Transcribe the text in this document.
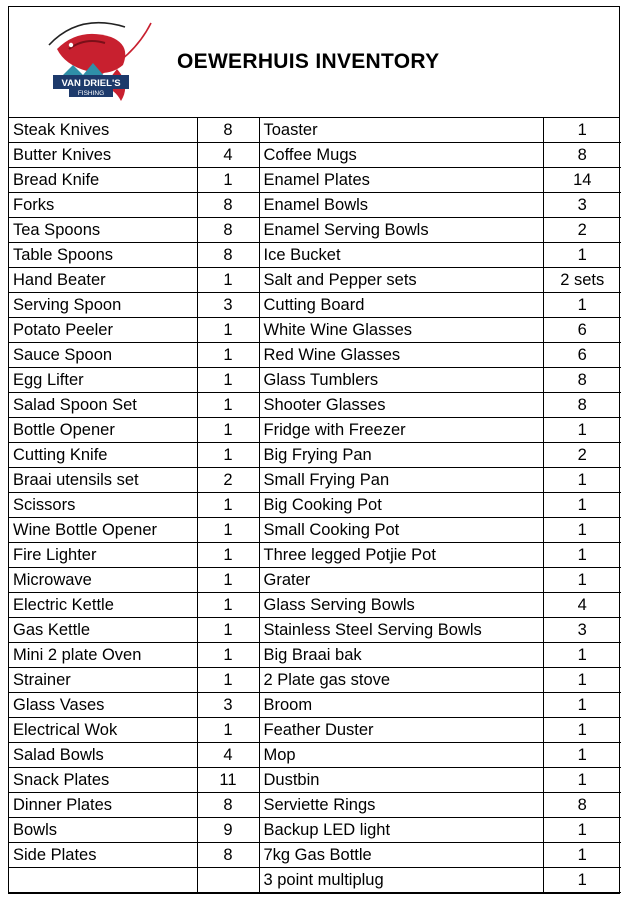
VAN DRIEL'S
FISHING
OEWERHUIS INVENTORY
Steak Knives	8	Toaster	1
Butter Knives	4	Coffee Mugs	8
Bread Knife	1	Enamel Plates	14
Forks	8	Enamel Bowls	3
Tea Spoons	8	Enamel Serving Bowls	2
Table Spoons	8	Ice Bucket	1
Hand Beater	1	Salt and Pepper sets	2 sets
Serving Spoon	3	Cutting Board	1
Potato Peeler	1	White Wine Glasses	6
Sauce Spoon	1	Red Wine Glasses	6
Egg Lifter	1	Glass Tumblers	8
Salad Spoon Set	1	Shooter Glasses	8
Bottle Opener	1	Fridge with Freezer	1
Cutting Knife	1	Big Frying Pan	2
Braai utensils set	2	Small Frying Pan	1
Scissors	1	Big Cooking Pot	1
Wine Bottle Opener	1	Small Cooking Pot	1
Fire Lighter	1	Three legged Potjie Pot	1
Microwave	1	Grater	1
Electric Kettle	1	Glass Serving Bowls	4
Gas Kettle	1	Stainless Steel Serving Bowls	3
Mini 2 plate Oven	1	Big Braai bak	1
Strainer	1	2 Plate gas stove	1
Glass Vases	3	Broom	1
Electrical Wok	1	Feather Duster	1
Salad Bowls	4	Mop	1
Snack Plates	11	Dustbin	1
Dinner Plates	8	Serviette Rings	8
Bowls	9	Backup LED light	1
Side Plates	8	7kg Gas Bottle	1
		3 point multiplug	1
